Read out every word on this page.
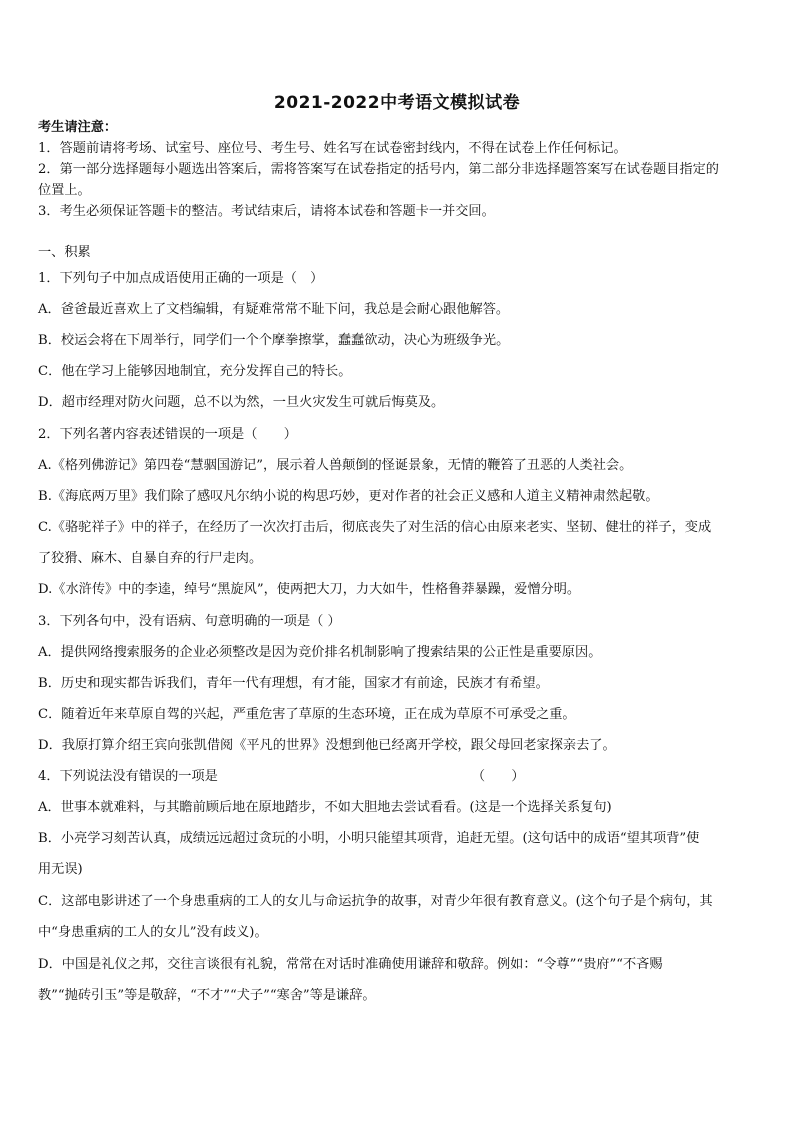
2021-2022中考语文模拟试卷
考生请注意：
1．答题前请将考场、试室号、座位号、考生号、姓名写在试卷密封线内，不得在试卷上作任何标记。
2．第一部分选择题每小题选出答案后，需将答案写在试卷指定的括号内，第二部分非选择题答案写在试卷题目指定的
位置上。
3．考生必须保证答题卡的整洁。考试结束后，请将本试卷和答题卡一并交回。
一、积累
1．下列句子中加点成语使用正确的一项是（　）
A．爸爸最近喜欢上了文档编辑，有疑难常常不耻下问，我总是会耐心跟他解答。
B．校运会将在下周举行，同学们一个个摩拳擦掌，蠢蠢欲动，决心为班级争光。
C．他在学习上能够因地制宜，充分发挥自己的特长。
D．超市经理对防火问题，总不以为然，一旦火灾发生可就后悔莫及。
2．下列名著内容表述错误的一项是（　　）
A.《格列佛游记》第四卷“慧骃国游记”，展示着人兽颠倒的怪诞景象，无情的鞭笞了丑恶的人类社会。
B.《海底两万里》我们除了感叹凡尔纳小说的构思巧妙，更对作者的社会正义感和人道主义精神肃然起敬。
C.《骆驼祥子》中的祥子，在经历了一次次打击后，彻底丧失了对生活的信心由原来老实、坚韧、健壮的祥子，变成
了狡猾、麻木、自暴自弃的行尸走肉。
D.《水浒传》中的李逵，绰号“黑旋风”，使两把大刀，力大如牛，性格鲁莽暴躁，爱憎分明。
3．下列各句中，没有语病、句意明确的一项是（ ）
A．提供网络搜索服务的企业必须整改是因为竞价排名机制影响了搜索结果的公正性是重要原因。
B．历史和现实都告诉我们，青年一代有理想，有才能，国家才有前途，民族才有希望。
C．随着近年来草原自驾的兴起，严重危害了草原的生态环境，正在成为草原不可承受之重。
D．我原打算介绍王宾向张凯借阅《平凡的世界》没想到他已经离开学校，跟父母回老家探亲去了。
4．下列说法没有错误的一项是	（　　）
A．世事本就难料，与其瞻前顾后地在原地踏步，不如大胆地去尝试看看。(这是一个选择关系复句)
B．小亮学习刻苦认真，成绩远远超过贪玩的小明，小明只能望其项背，追赶无望。(这句话中的成语“望其项背”使
用无误)
C．这部电影讲述了一个身患重病的工人的女儿与命运抗争的故事，对青少年很有教育意义。(这个句子是个病句，其
中“身患重病的工人的女儿”没有歧义)。
D．中国是礼仪之邦，交往言谈很有礼貌，常常在对话时准确使用谦辞和敬辞。例如：“令尊”“贵府”“不吝赐
教”“抛砖引玉”等是敬辞，“不才”“犬子”“寒舍”等是谦辞。
